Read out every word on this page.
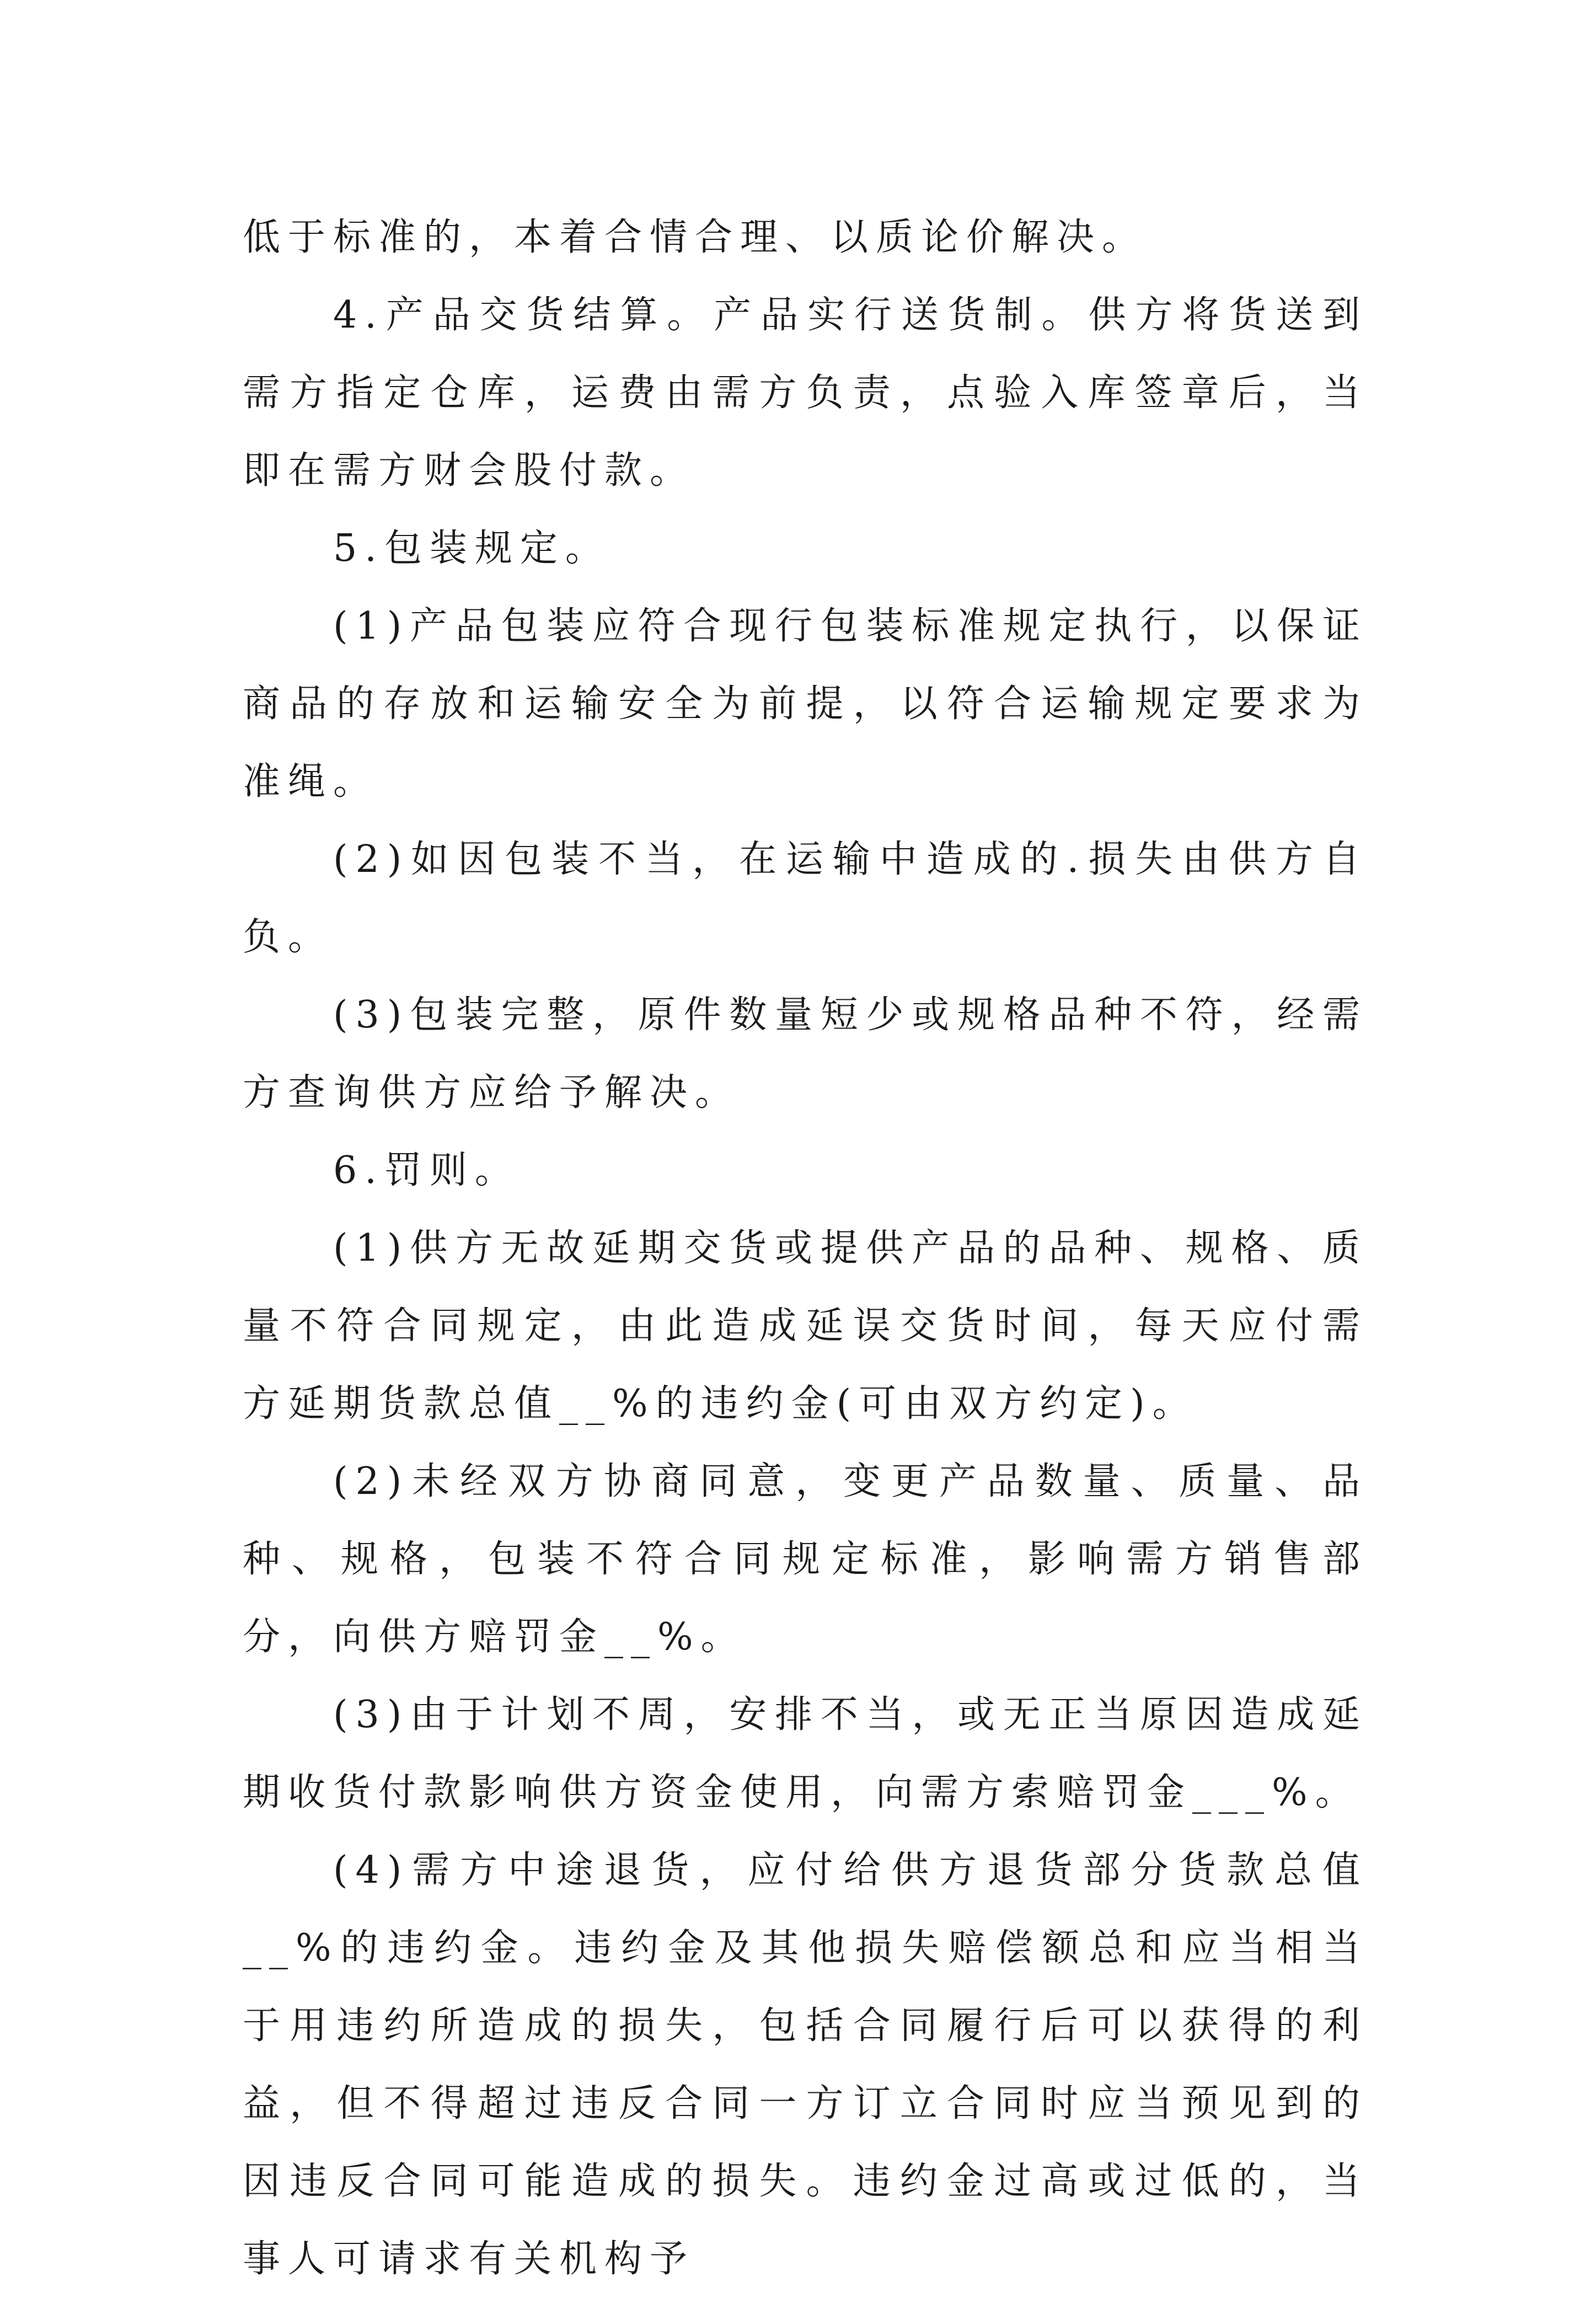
低于标准的，本着合情合理、以质论价解决。

4.产品交货结算。产品实行送货制。供方将货送到需方指定仓库，运费由需方负责，点验入库签章后，当即在需方财会股付款。

5.包装规定。

(1)产品包装应符合现行包装标准规定执行，以保证商品的存放和运输安全为前提，以符合运输规定要求为准绳。

(2)如因包装不当，在运输中造成的.损失由供方自负。

(3)包装完整，原件数量短少或规格品种不符，经需方查询供方应给予解决。

6.罚则。

(1)供方无故延期交货或提供产品的品种、规格、质量不符合同规定，由此造成延误交货时间，每天应付需方延期货款总值__%的违约金(可由双方约定)。

(2)未经双方协商同意，变更产品数量、质量、品种、规格，包装不符合同规定标准，影响需方销售部分，向供方赔罚金__%。

(3)由于计划不周，安排不当，或无正当原因造成延期收货付款影响供方资金使用，向需方索赔罚金___%。

(4)需方中途退货，应付给供方退货部分货款总值__%的违约金。违约金及其他损失赔偿额总和应当相当于用违约所造成的损失，包括合同履行后可以获得的利益，但不得超过违反合同一方订立合同时应当预见到的因违反合同可能造成的损失。违约金过高或过低的，当事人可请求有关机构予
